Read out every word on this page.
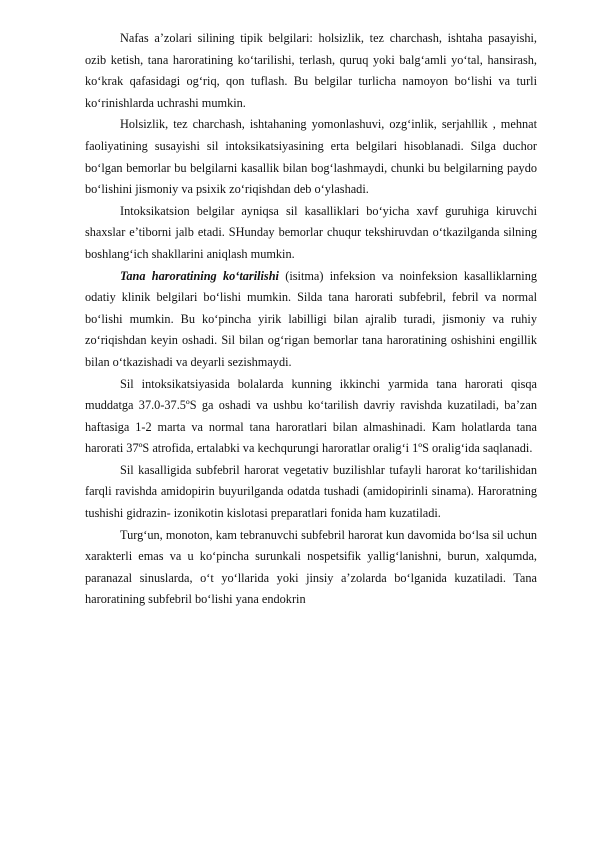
Nafas a’zolari silining tipik belgilari: holsizlik, tez charchash, ishtaha pasayishi, ozib ketish, tana haroratining ko‘tarilishi, terlash, quruq yoki balg‘amli yo‘tal, hansirash, ko‘krak qafasidagi og‘riq, qon tuflash. Bu belgilar turlicha namoyon bo‘lishi va turli ko‘rinishlarda uchrashi mumkin.

Holsizlik, tez charchash, ishtahaning yomonlashuvi, ozg‘inlik, serjahllik , mehnat faoliyatining susayishi sil intoksikatsiyasining erta belgilari hisoblanadi. Silga duchor bo‘lgan bemorlar bu belgilarni kasallik bilan bog‘lashmaydi, chunki bu belgilarning paydo bo‘lishini jismoniy va psixik zo‘riqishdan deb o‘ylashadi.

Intoksikatsion belgilar ayniqsa sil kasalliklari bo‘yicha xavf guruhiga kiruvchi shaxslar e’tiborni jalb etadi. SHunday bemorlar chuqur tekshiruvdan o‘tkazilganda silning boshlang‘ich shakllarini aniqlash mumkin.

Tana haroratining ko‘tarilishi (isitma) infeksion va noinfeksion kasalliklarning odatiy klinik belgilari bo‘lishi mumkin. Silda tana harorati subfebril, febril va normal bo‘lishi mumkin. Bu ko‘pincha yirik labilligi bilan ajralib turadi, jismoniy va ruhiy zo‘riqishdan keyin oshadi. Sil bilan og‘rigan bemorlar tana haroratining oshishini engillik bilan o‘tkazishadi va deyarli sezishmaydi.

Sil intoksikatsiyasida bolalarda kunning ikkinchi yarmida tana harorati qisqa muddatga 37.0-37.5ºS ga oshadi va ushbu ko‘tarilish davriy ravishda kuzatiladi, ba’zan haftasiga 1-2 marta va normal tana haroratlari bilan almashinadi. Kam holatlarda tana harorati 37ºS atrofida, ertalabki va kechqurungi haroratlar oralig‘i 1ºS oralig‘ida saqlanadi.

Sil kasalligida subfebril harorat vegetativ buzilishlar tufayli harorat ko‘tarilishidan farqli ravishda amidopirin buyurilganda odatda tushadi (amidopirinli sinama). Haroratning tushishi gidrazin- izonikotin kislotasi preparatlari fonida ham kuzatiladi.

Turg‘un, monoton, kam tebranuvchi subfebril harorat kun davomida bo‘lsa sil uchun xarakterli emas va u ko‘pincha surunkali nospetsifik yallig‘lanishni, burun, xalqumda, paranazal sinuslarda, o‘t yo‘llarida yoki jinsiy a’zolarda bo‘lganida kuzatiladi. Tana haroratining subfebril bo‘lishi yana endokrin
